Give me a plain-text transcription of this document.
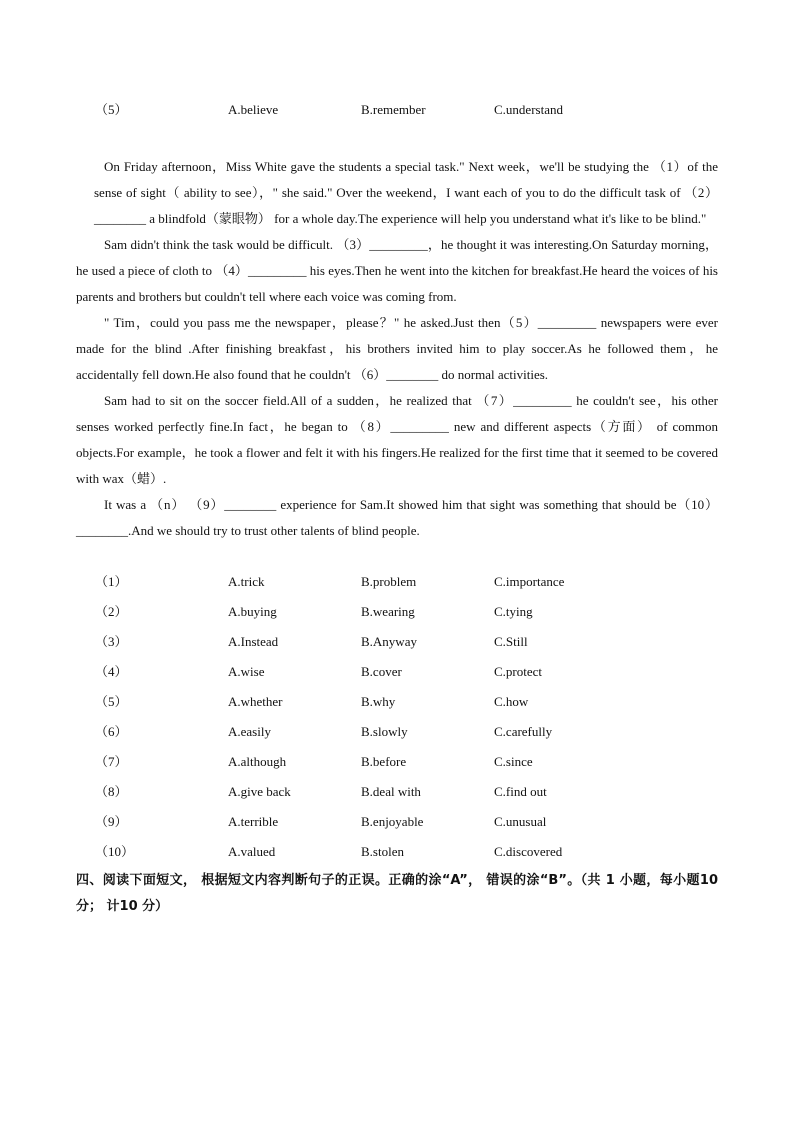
（5）	A.believe	B.remember	C.understand

On Friday afternoon，Miss White gave the students a special task." Next week，we'll be studying the （1）of the sense of sight（ ability to see），" she said." Over the weekend，I want each of you to do the difficult task of （2）________ a blindfold（蒙眼物） for a whole day.The experience will help you understand what it's like to be blind."

Sam didn't think the task would be difficult. （3）_________，he thought it was interesting.On Saturday morning，he used a piece of cloth to （4）_________ his eyes.Then he went into the kitchen for breakfast.He heard the voices of his parents and brothers but couldn't tell where each voice was coming from.

" Tim，could you pass me the newspaper，please？" he asked.Just then（5）_________ newspapers were ever made for the blind .After finishing breakfast，his brothers invited him to play soccer.As he followed them，he accidentally fell down.He also found that he couldn't （6）________ do normal activities.

Sam had to sit on the soccer field.All of a sudden，he realized that （7）_________ he couldn't see，his other senses worked perfectly fine.In fact，he began to （8）_________ new and different aspects（方面） of common objects.For example，he took a flower and felt it with his fingers.He realized for the first time that it seemed to be covered with wax（蜡）.

It was a （n） （9）________ experience for Sam.It showed him that sight was something that should be（10）________.And we should try to trust other talents of blind people.

（1）	A.trick	B.problem	C.importance
（2）	A.buying	B.wearing	C.tying
（3）	A.Instead	B.Anyway	C.Still
（4）	A.wise	B.cover	C.protect
（5）	A.whether	B.why	C.how
（6）	A.easily	B.slowly	C.carefully
（7）	A.although	B.before	C.since
（8）	A.give back	B.deal with	C.find out
（9）	A.terrible	B.enjoyable	C.unusual
（10）	A.valued	B.stolen	C.discovered
四、阅读下面短文， 根据短文内容判断句子的正误。正确的涂“A”， 错误的涂“B”。（共 1 小题，每小题10 分； 计10 分）
